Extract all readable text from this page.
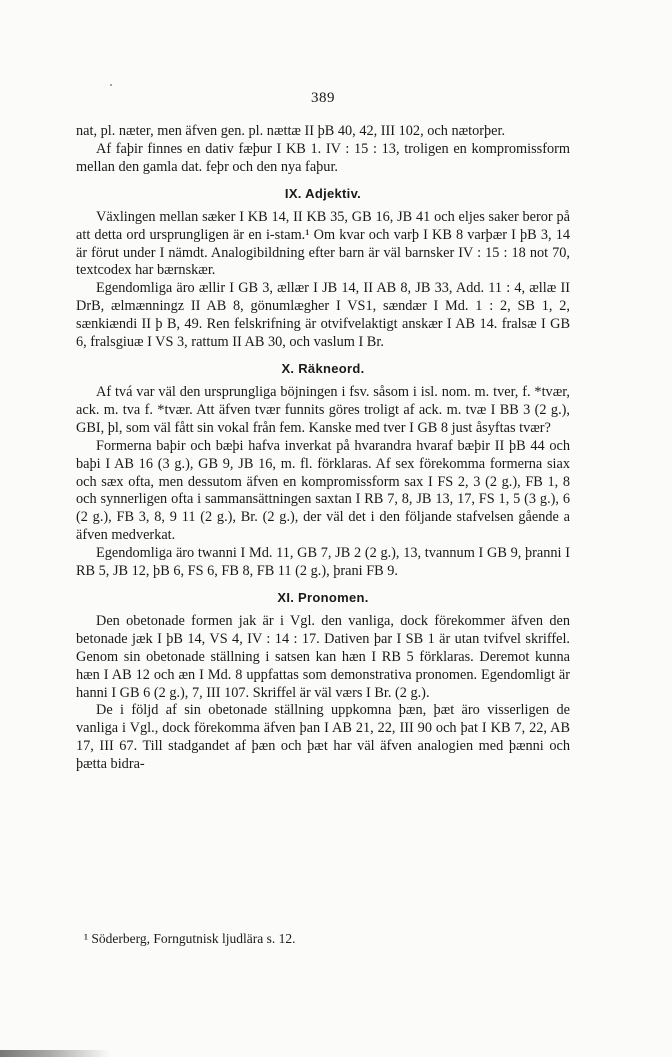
389

nat, pl. næter, men äfven gen. pl. nættæ II þB 40, 42, III 102, och nætorþer.

Af faþir finnes en dativ fæþur I KB 1. IV : 15 : 13, troligen en kompromissform mellan den gamla dat. feþr och den nya faþur.

IX. Adjektiv.

Växlingen mellan sæker I KB 14, II KB 35, GB 16, JB 41 och eljes saker beror på att detta ord ursprungligen är en i-stam.¹ Om kvar och varþ I KB 8 varþær I þB 3, 14 är förut under I nämdt. Analogibildning efter barn är väl barnsker IV : 15 : 18 not 70, textcodex har bærnskær.

Egendomliga äro ællir I GB 3, ællær I JB 14, II AB 8, JB 33, Add. 11 : 4, ællæ II DrB, ælmænningz II AB 8, gönumlægher I VS1, sændær I Md. 1 : 2, SB 1, 2, sænkiændi II þ B, 49. Ren felskrifning är otvifvelaktigt anskær I AB 14. fralsæ I GB 6, fralsgiuæ I VS 3, rattum II AB 30, och vaslum I Br.

X. Räkneord.

Af tvá var väl den ursprungliga böjningen i fsv. såsom i isl. nom. m. tver, f. *tvær, ack. m. tva f. *tvær. Att äfven tvær funnits göres troligt af ack. m. tvæ I BB 3 (2 g.), GBI, þl, som väl fått sin vokal från fem. Kanske med tver I GB 8 just åsyftas tvær?

Formerna baþir och bæþi hafva inverkat på hvarandra hvaraf bæþir II þB 44 och baþi I AB 16 (3 g.), GB 9, JB 16, m. fl. förklaras. Af sex förekomma formerna siax och sæx ofta, men dessutom äfven en kompromissform sax I FS 2, 3 (2 g.), FB 1, 8 och synnerligen ofta i sammansättningen saxtan I RB 7, 8, JB 13, 17, FS 1, 5 (3 g.), 6 (2 g.), FB 3, 8, 9 11 (2 g.), Br. (2 g.), der väl det i den följande stafvelsen gående a äfven medverkat.

Egendomliga äro twanni I Md. 11, GB 7, JB 2 (2 g.), 13, tvannum I GB 9, þranni I RB 5, JB 12, þB 6, FS 6, FB 8, FB 11 (2 g.), þrani FB 9.

XI. Pronomen.

Den obetonade formen jak är i Vgl. den vanliga, dock förekommer äfven den betonade jæk I þB 14, VS 4, IV : 14 : 17. Dativen þar I SB 1 är utan tvifvel skriffel. Genom sin obetonade ställning i satsen kan hæn I RB 5 förklaras. Deremot kunna hæn I AB 12 och æn I Md. 8 uppfattas som demonstrativa pronomen. Egendomligt är hanni I GB 6 (2 g.), 7, III 107. Skriffel är väl værs I Br. (2 g.).

De i följd af sin obetonade ställning uppkomna þæn, þæt äro visserligen de vanliga i Vgl., dock förekomma äfven þan I AB 21, 22, III 90 och þat I KB 7, 22, AB 17, III 67. Till stadgandet af þæn och þæt har väl äfven analogien med þænni och þætta bidra-

¹ Söderberg, Forngutnisk ljudlära s. 12.
